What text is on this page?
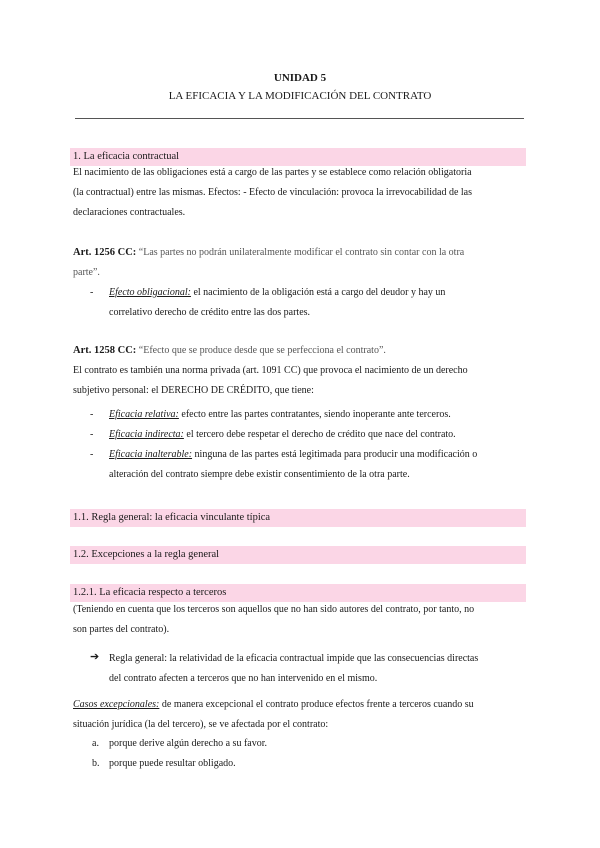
UNIDAD 5
LA EFICACIA Y LA MODIFICACIÓN DEL CONTRATO
1. La eficacia contractual
El nacimiento de las obligaciones está a cargo de las partes y se establece como relación obligatoria
(la contractual) entre las mismas. Efectos: - Efecto de vinculación: provoca la irrevocabilidad de las
declaraciones contractuales.
Art. 1256 CC: “Las partes no podrán unilateralmente modificar el contrato sin contar con la otra
parte”.
- Efecto obligacional: el nacimiento de la obligación está a cargo del deudor y hay un
correlativo derecho de crédito entre las dos partes.
Art. 1258 CC: “Efecto que se produce desde que se perfecciona el contrato”.
El contrato es también una norma privada (art. 1091 CC) que provoca el nacimiento de un derecho
subjetivo personal: el DERECHO DE CRÉDITO, que tiene:
- Eficacia relativa: efecto entre las partes contratantes, siendo inoperante ante terceros.
- Eficacia indirecta: el tercero debe respetar el derecho de crédito que nace del contrato.
- Eficacia inalterable: ninguna de las partes está legitimada para producir una modificación o
alteración del contrato siempre debe existir consentimiento de la otra parte.
1.1. Regla general: la eficacia vinculante típica
1.2. Excepciones a la regla general
1.2.1. La eficacia respecto a terceros
(Teniendo en cuenta que los terceros son aquellos que no han sido autores del contrato, por tanto, no
son partes del contrato).
➔ Regla general: la relatividad de la eficacia contractual impide que las consecuencias directas
del contrato afecten a terceros que no han intervenido en el mismo.
Casos excepcionales: de manera excepcional el contrato produce efectos frente a terceros cuando su
situación jurídica (la del tercero), se ve afectada por el contrato:
a. porque derive algún derecho a su favor.
b. porque puede resultar obligado.
